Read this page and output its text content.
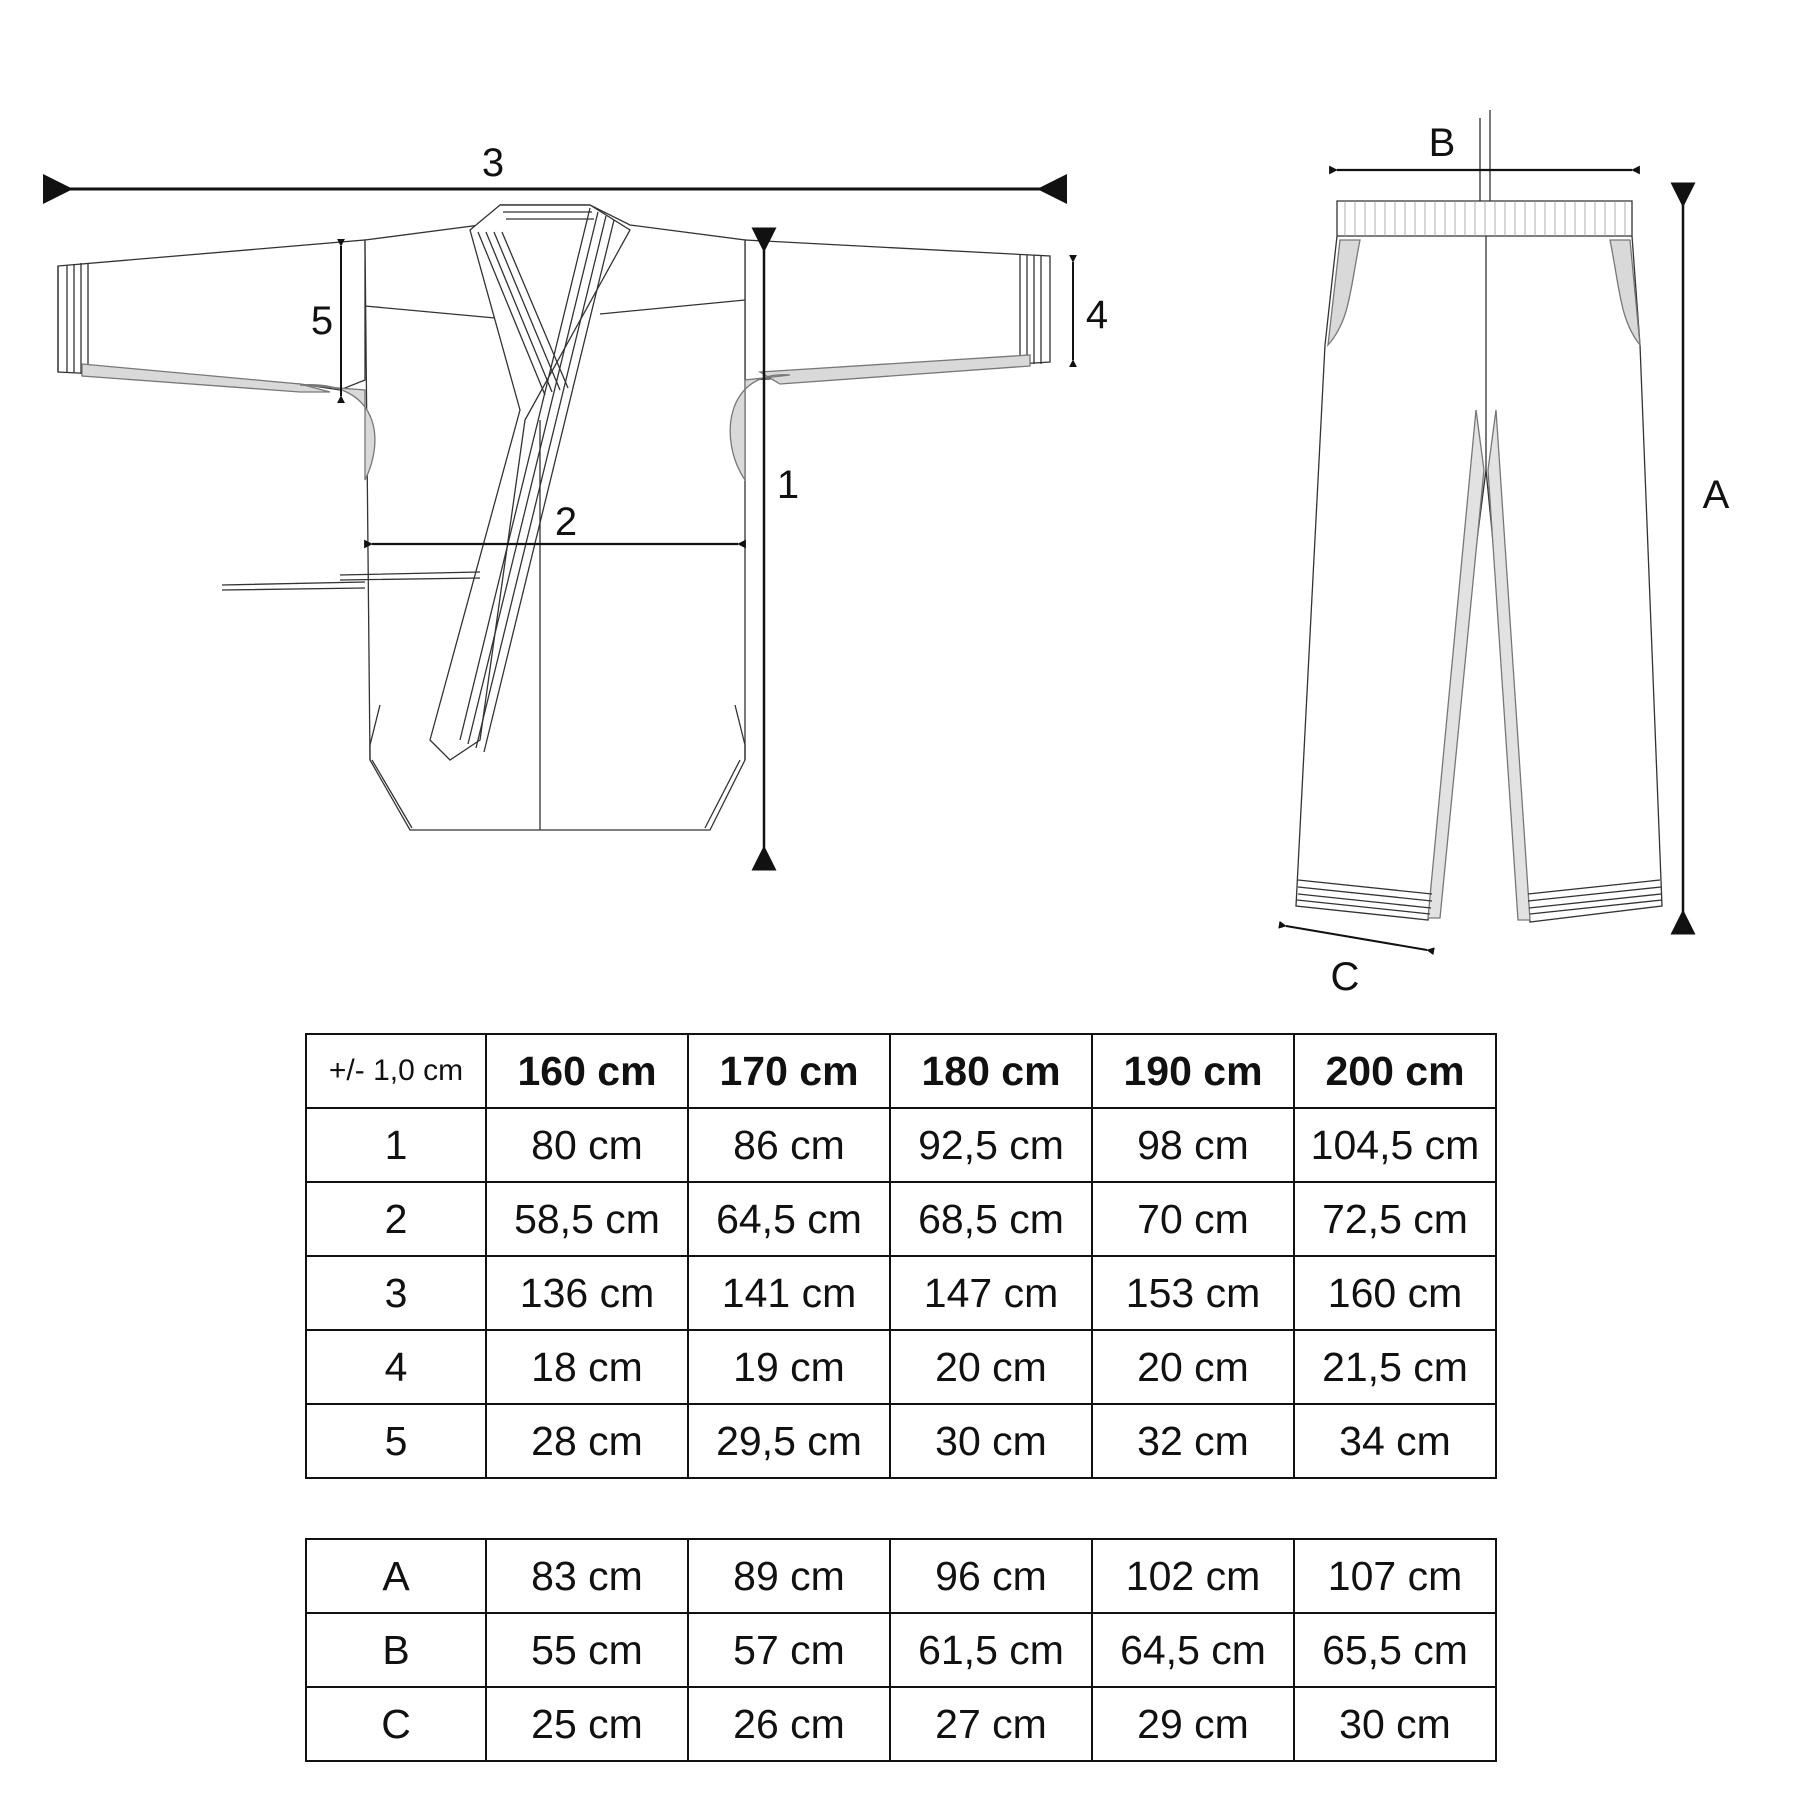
3
1
2
5	4
B
A
C
+/- 1,0 cm	160 cm	170 cm	180 cm	190 cm	200 cm
1	80 cm	86 cm	92,5 cm	98 cm	104,5 cm
2	58,5 cm	64,5 cm	68,5 cm	70 cm	72,5 cm
3	136 cm	141 cm	147 cm	153 cm	160 cm
4	18 cm	19 cm	20 cm	20 cm	21,5 cm
5	28 cm	29,5 cm	30 cm	32 cm	34 cm
A	83 cm	89 cm	96 cm	102 cm	107 cm
B	55 cm	57 cm	61,5 cm	64,5 cm	65,5 cm
C	25 cm	26 cm	27 cm	29 cm	30 cm
